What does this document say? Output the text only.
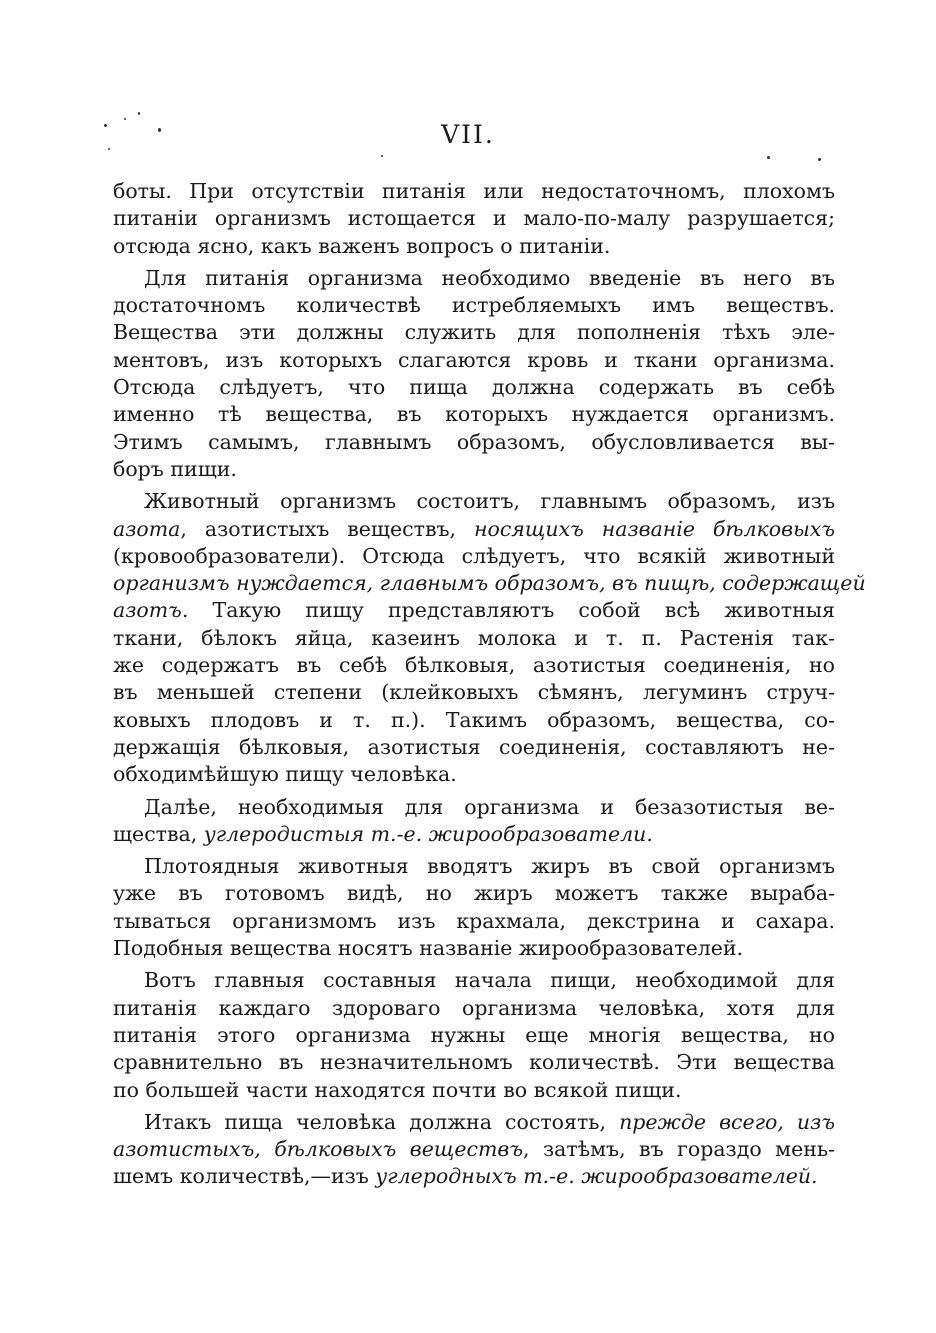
VII.
боты. При отсутствіи питанія или недостаточномъ, плохомъ
питаніи организмъ истощается и мало-по-малу разрушается;
отсюда ясно, какъ важенъ вопросъ о питаніи.
Для питанія организма необходимо введеніе въ него въ
достаточномъ количествѣ истребляемыхъ имъ веществъ.
Вещества эти должны служить для пополненія тѣхъ эле-
ментовъ, изъ которыхъ слагаются кровь и ткани организма.
Отсюда слѣдуетъ, что пища должна содержать въ себѣ
именно тѣ вещества, въ которыхъ нуждается организмъ.
Этимъ самымъ, главнымъ образомъ, обусловливается вы-
боръ пищи.
Животный организмъ состоитъ, главнымъ образомъ, изъ
азота, азотистыхъ веществъ, носящихъ названіе бѣлковыхъ
(кровообразователи). Отсюда слѣдуетъ, что всякій животный
организмъ нуждается, главнымъ образомъ, въ пищѣ, содержащей
азотъ. Такую пищу представляютъ собой всѣ животныя
ткани, бѣлокъ яйца, казеинъ молока и т. п. Растенія так-
же содержатъ въ себѣ бѣлковыя, азотистыя соединенія, но
въ меньшей степени (клейковыхъ сѣмянъ, легуминъ струч-
ковыхъ плодовъ и т. п.). Такимъ образомъ, вещества, со-
держащія бѣлковыя, азотистыя соединенія, составляютъ не-
обходимѣйшую пищу человѣка.
Далѣе, необходимыя для организма и безазотистыя ве-
щества, углеродистыя т.-е. жирообразователи.
Плотоядныя животныя вводятъ жиръ въ свой организмъ
уже въ готовомъ видѣ, но жиръ можетъ также выраба-
тываться организмомъ изъ крахмала, декстрина и сахара.
Подобныя вещества носятъ названіе жирообразователей.
Вотъ главныя составныя начала пищи, необходимой для
питанія каждаго здороваго организма человѣка, хотя для
питанія этого организма нужны еще многія вещества, но
сравнительно въ незначительномъ количествѣ. Эти вещества
по большей части находятся почти во всякой пищи.
Итакъ пища человѣка должна состоять, прежде всего, изъ
азотистыхъ, бѣлковыхъ веществъ, затѣмъ, въ гораздо мень-
шемъ количествѣ,—изъ углеродныхъ т.-е. жирообразователей.
